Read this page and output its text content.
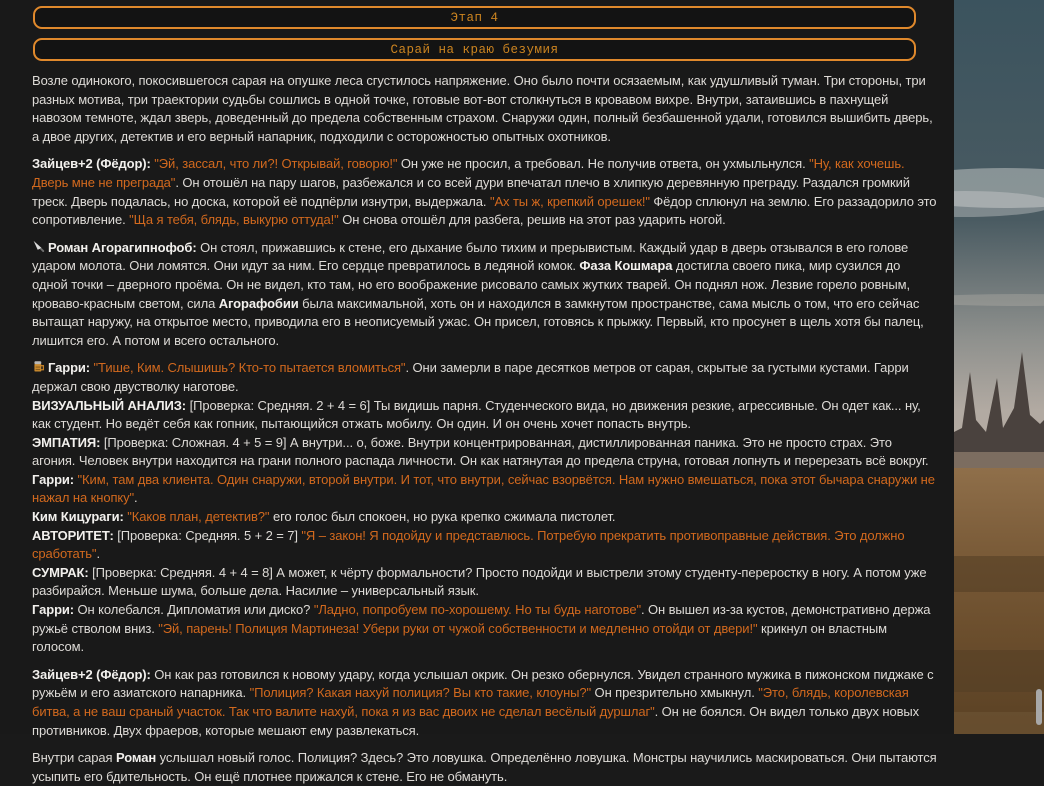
Этап 4
Сарай на краю безумия
Возле одинокого, покосившегося сарая на опушке леса сгустилось напряжение. Оно было почти осязаемым, как удушливый туман. Три стороны, три разных мотива, три траектории судьбы сошлись в одной точке, готовые вот-вот столкнуться в кровавом вихре. Внутри, затаившись в пахнущей навозом темноте, ждал зверь, доведенный до предела собственным страхом. Снаружи один, полный безбашенной удали, готовился вышибить дверь, а двое других, детектив и его верный напарник, подходили с осторожностью опытных охотников.
Зайцев+2 (Фёдор): "Эй, зассал, что ли?! Открывай, говорю!" Он уже не просил, а требовал. Не получив ответа, он ухмыльнулся. "Ну, как хочешь. Дверь мне не преграда". Он отошёл на пару шагов, разбежался и со всей дури впечатал плечо в хлипкую деревянную преграду. Раздался громкий треск. Дверь подалась, но доска, которой её подпёрли изнутри, выдержала. "Ах ты ж, крепкий орешек!" Фёдор сплюнул на землю. Его раззадорило это сопротивление. "Ща я тебя, блядь, выкурю оттуда!" Он снова отошёл для разбега, решив на этот раз ударить ногой.
Роман Агорагипнофоб: Он стоял, прижавшись к стене, его дыхание было тихим и прерывистым. Каждый удар в дверь отзывался в его голове ударом молота. Они ломятся. Они идут за ним. Его сердце превратилось в ледяной комок. Фаза Кошмара достигла своего пика, мир сузился до одной точки – дверного проёма. Он не видел, кто там, но его воображение рисовало самых жутких тварей. Он поднял нож. Лезвие горело ровным, кроваво-красным светом, сила Агорафобии была максимальной, хоть он и находился в замкнутом пространстве, сама мысль о том, что его сейчас вытащат наружу, на открытое место, приводила его в неописуемый ужас. Он присел, готовясь к прыжку. Первый, кто просунет в щель хотя бы палец, лишится его. А потом и всего остального.
Гарри: "Тише, Ким. Слышишь? Кто-то пытается вломиться". Они замерли в паре десятков метров от сарая, скрытые за густыми кустами. Гарри держал свою двустволку наготове.
ВИЗУАЛЬНЫЙ АНАЛИЗ: [Проверка: Средняя. 2 + 4 = 6] Ты видишь парня. Студенческого вида, но движения резкие, агрессивные. Он одет как... ну, как студент. Но ведёт себя как гопник, пытающийся отжать мобилу. Он один. И он очень хочет попасть внутрь.
ЭМПАТИЯ: [Проверка: Сложная. 4 + 5 = 9] А внутри... о, боже. Внутри концентрированная, дистиллированная паника. Это не просто страх. Это агония. Человек внутри находится на грани полного распада личности. Он как натянутая до предела струна, готовая лопнуть и перерезать всё вокруг.
Гарри: "Ким, там два клиента. Один снаружи, второй внутри. И тот, что внутри, сейчас взорвётся. Нам нужно вмешаться, пока этот бычара снаружи не нажал на кнопку".
Ким Кицураги: "Каков план, детектив?" его голос был спокоен, но рука крепко сжимала пистолет.
АВТОРИТЕТ: [Проверка: Средняя. 5 + 2 = 7] "Я – закон! Я подойду и представлюсь. Потребую прекратить противоправные действия. Это должно сработать".
СУМРАК: [Проверка: Средняя. 4 + 4 = 8] А может, к чёрту формальности? Просто подойди и выстрели этому студенту-переростку в ногу. А потом уже разбирайся. Меньше шума, больше дела. Насилие – универсальный язык.
Гарри: Он колебался. Дипломатия или диско? "Ладно, попробуем по-хорошему. Но ты будь наготове". Он вышел из-за кустов, демонстративно держа ружьё стволом вниз. "Эй, парень! Полиция Мартинеза! Убери руки от чужой собственности и медленно отойди от двери!" крикнул он властным голосом.
Зайцев+2 (Фёдор): Он как раз готовился к новому удару, когда услышал окрик. Он резко обернулся. Увидел странного мужика в пижонском пиджаке с ружьём и его азиатского напарника. "Полиция? Какая нахуй полиция? Вы кто такие, клоуны?" Он презрительно хмыкнул. "Это, блядь, королевская битва, а не ваш сраный участок. Так что валите нахуй, пока я из вас двоих не сделал весёлый дуршлаг". Он не боялся. Он видел только двух новых противников. Двух фраеров, которые мешают ему развлекаться.
Внутри сарая Роман услышал новый голос. Полиция? Здесь? Это ловушка. Определённо ловушка. Монстры научились маскироваться. Они пытаются усыпить его бдительность. Он ещё плотнее прижался к стене. Его не обмануть.
